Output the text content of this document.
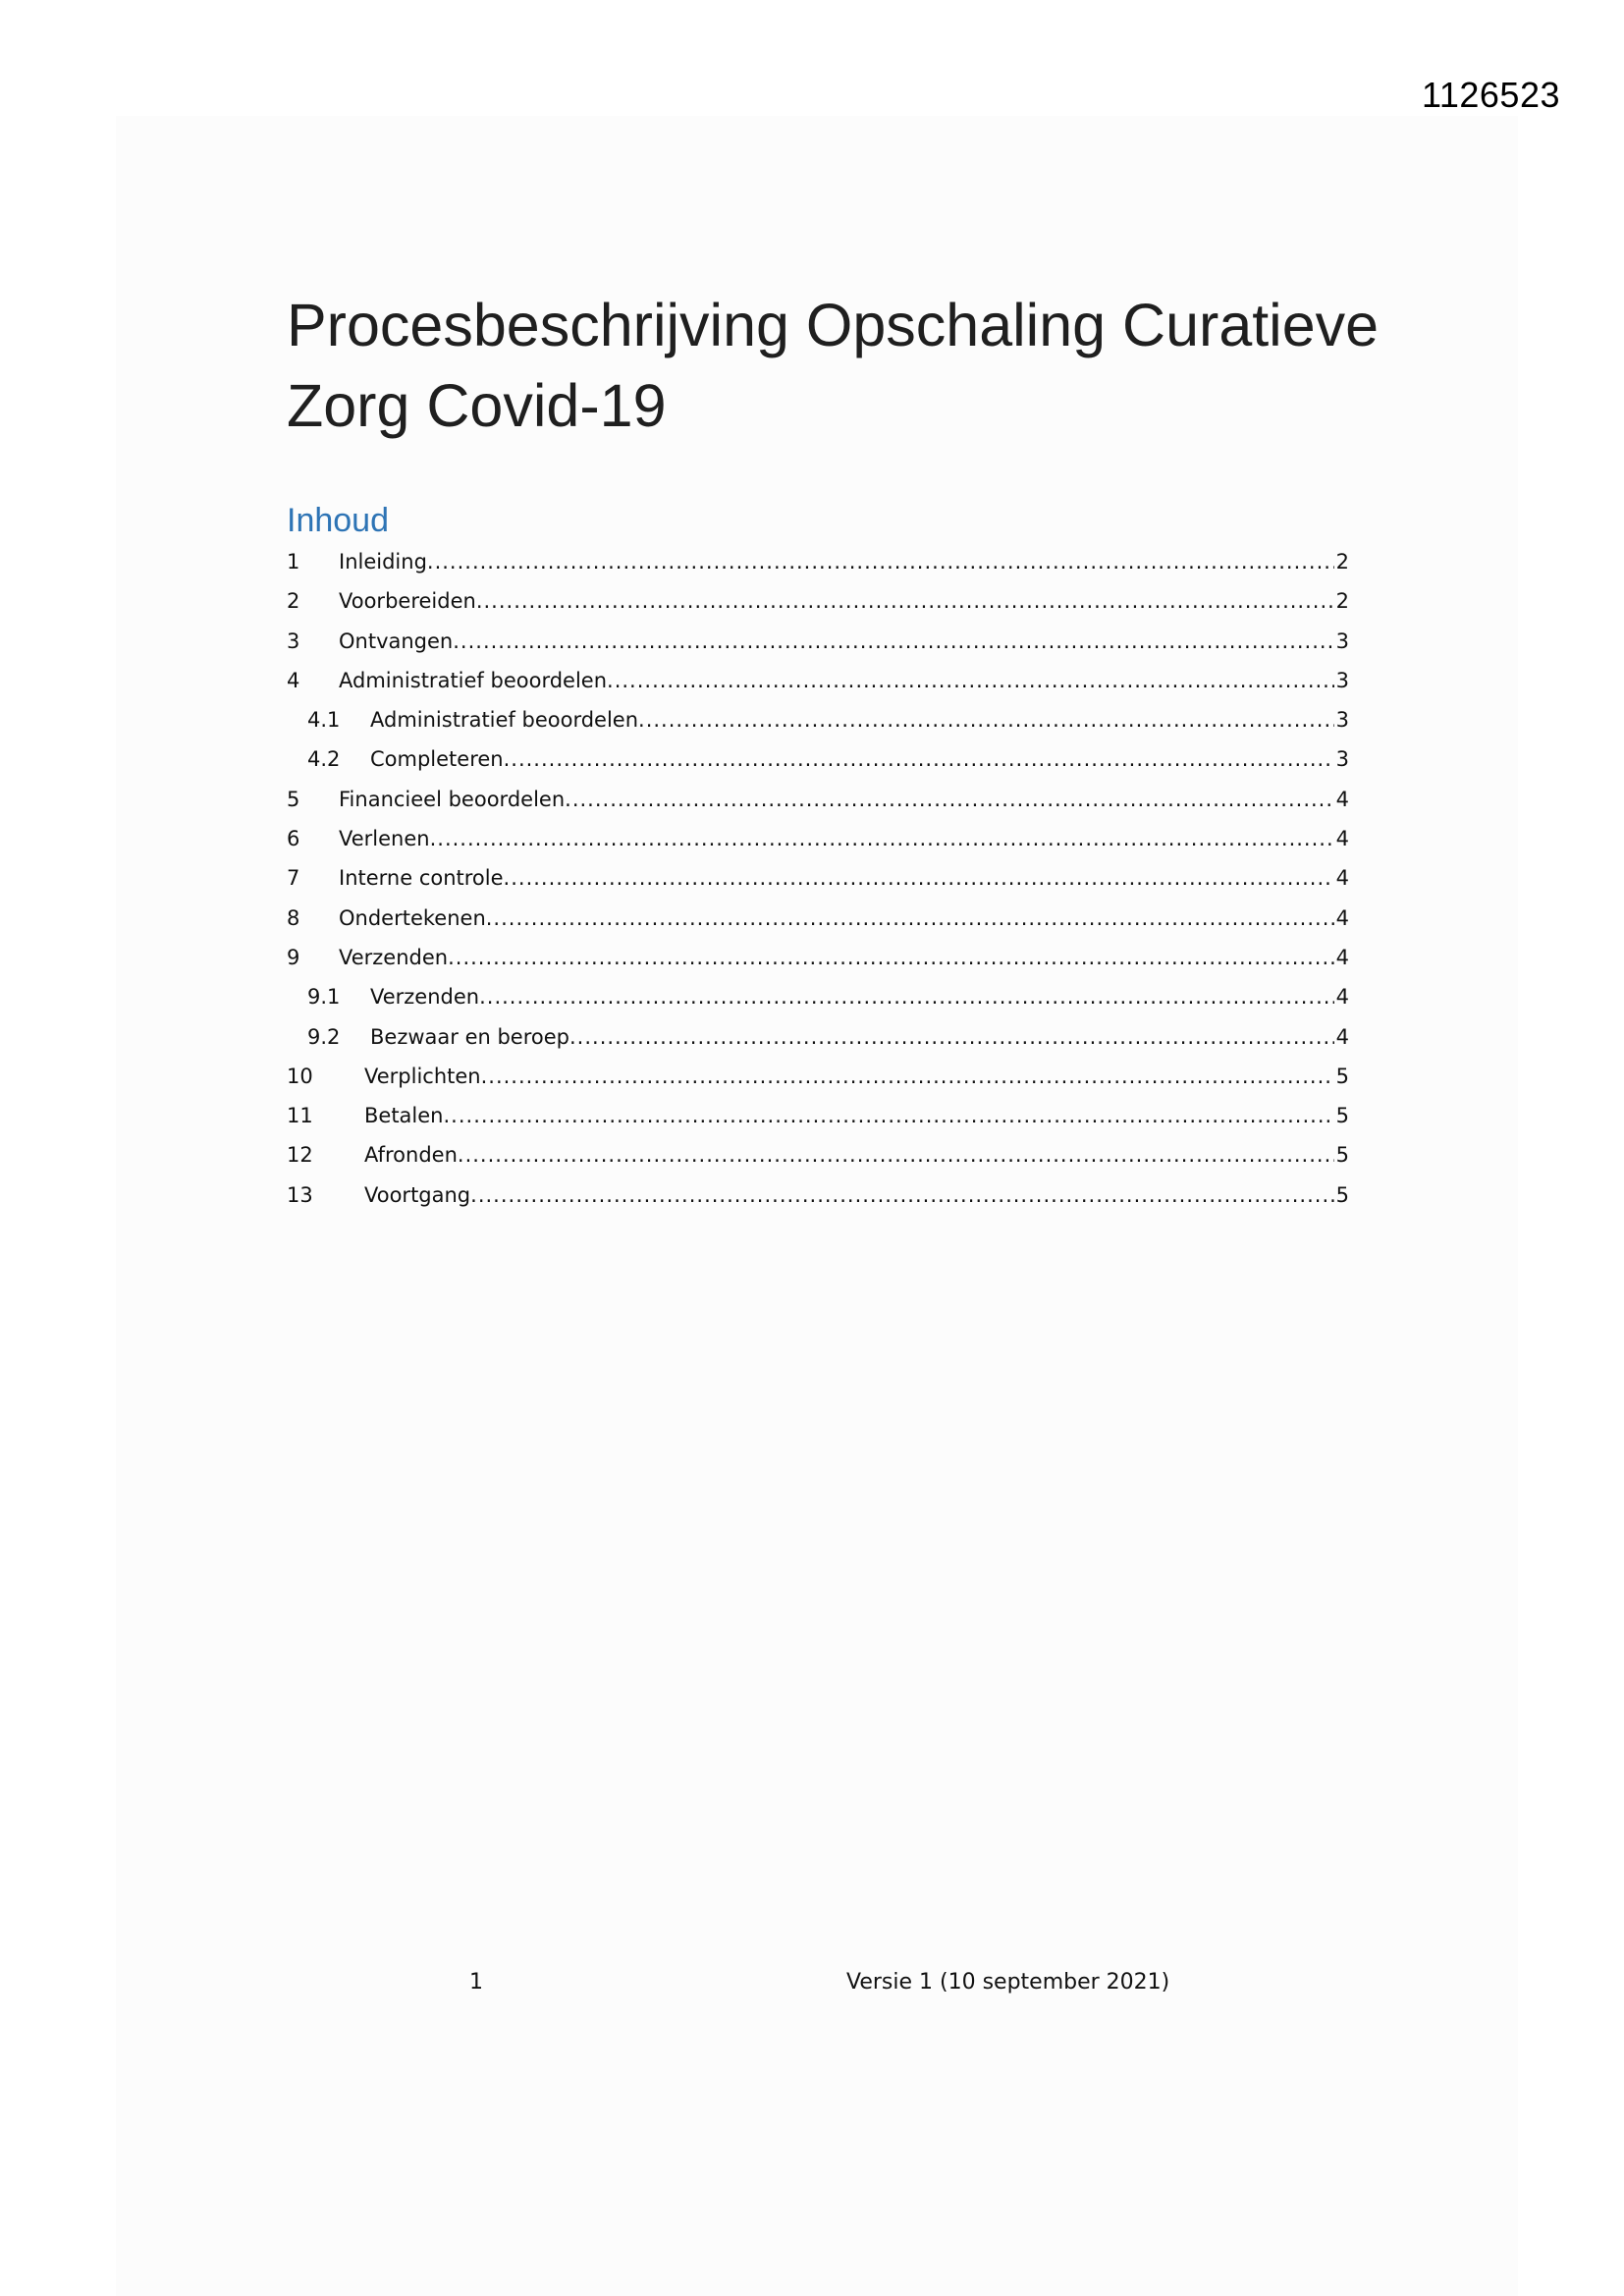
1126523
Procesbeschrijving Opschaling Curatieve
Zorg Covid-19
Inhoud
1	Inleiding .....	2
2	Voorbereiden .....	2
3	Ontvangen .....	3
4	Administratief beoordelen .....	3
4.1	Administratief beoordelen .....	3
4.2	Completeren .....	3
5	Financieel beoordelen .....	4
6	Verlenen .....	4
7	Interne controle .....	4
8	Ondertekenen .....	4
9	Verzenden .....	4
9.1	Verzenden .....	4
9.2	Bezwaar en beroep .....	4
10	Verplichten .....	5
11	Betalen .....	5
12	Afronden .....	5
13	Voortgang .....	5
1	Versie 1 (10 september 2021)
